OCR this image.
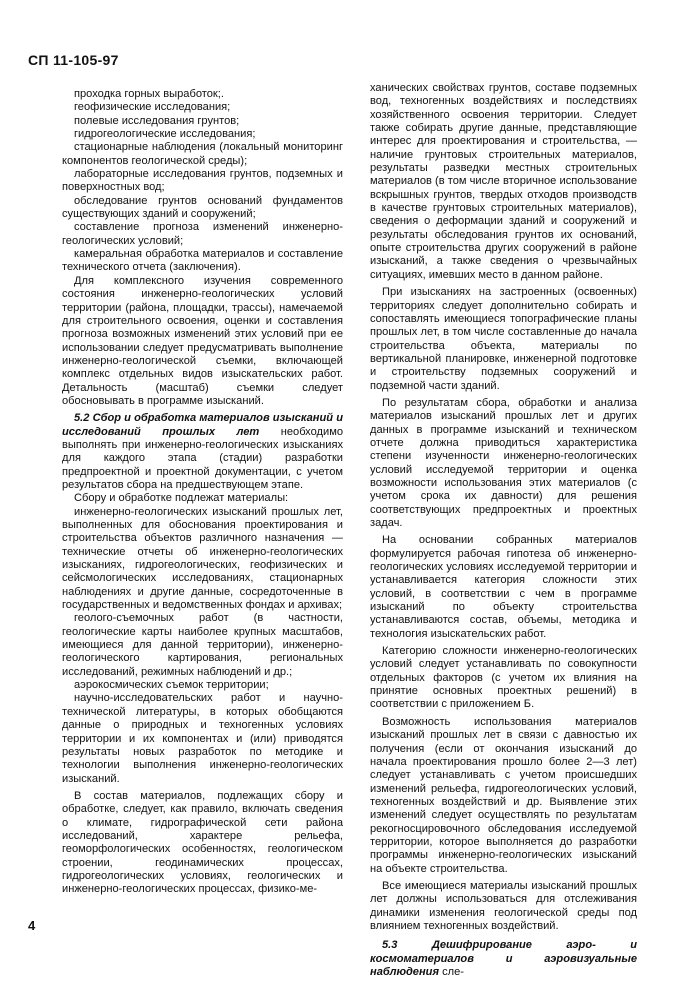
СП 11-105-97

проходка горных выработок;.

геофизические исследования;

полевые исследования грунтов;

гидрогеологические исследования;

стационарные наблюдения (локальный мониторинг компонентов геологической среды);

лабораторные исследования грунтов, подземных и поверхностных вод;

обследование грунтов оснований фундаментов существующих зданий и сооружений;

составление прогноза изменений инженерно-геологических условий;

камеральная обработка материалов и составление технического отчета (заключения).

Для комплексного изучения современного состояния инженерно-геологических условий территории (района, площадки, трассы), намечаемой для строительного освоения, оценки и составления прогноза возможных изменений этих условий при ее использовании следует предусматривать выполнение инженерно-геологической съемки, включающей комплекс отдельных видов изыскательских работ. Детальность (масштаб) съемки следует обосновывать в программе изысканий.

5.2 Сбор и обработка материалов изысканий и исследований прошлых лет необходимо выполнять при инженерно-геологических изысканиях для каждого этапа (стадии) разработки предпроектной и проектной документации, с учетом результатов сбора на предшествующем этапе.

Сбору и обработке подлежат материалы:

инженерно-геологических изысканий прошлых лет, выполненных для обоснования проектирования и строительства объектов различного назначения — технические отчеты об инженерно-геологических изысканиях, гидрогеологических, геофизических и сейсмологических исследованиях, стационарных наблюдениях и другие данные, сосредоточенные в государственных и ведомственных фондах и архивах;

геолого-съемочных работ (в частности, геологические карты наиболее крупных масштабов, имеющиеся для данной территории), инженерно-геологического картирования, региональных исследований, режимных наблюдений и др.;

аэрокосмических съемок территории;

научно-исследовательских работ и научно-технической литературы, в которых обобщаются данные о природных и техногенных условиях территории и их компонентах и (или) приводятся результаты новых разработок по методике и технологии выполнения инженерно-геологических изысканий.

В состав материалов, подлежащих сбору и обработке, следует, как правило, включать сведения о климате, гидрографической сети района исследований, характере рельефа, геоморфологических особенностях, геологическом строении, геодинамических процессах, гидрогеологических условиях, геологических и инженерно-геологических процессах, физико-ме-

ханических свойствах грунтов, составе подземных вод, техногенных воздействиях и последствиях хозяйственного освоения территории. Следует также собирать другие данные, представляющие интерес для проектирования и строительства, — наличие грунтовых строительных материалов, результаты разведки местных строительных материалов (в том числе вторичное использование вскрышных грунтов, твердых отходов производств в качестве грунтовых строительных материалов), сведения о деформации зданий и сооружений и результаты обследования грунтов их оснований, опыте строительства других сооружений в районе изысканий, а также сведения о чрезвычайных ситуациях, имевших место в данном районе.

При изысканиях на застроенных (освоенных) территориях следует дополнительно собирать и сопоставлять имеющиеся топографические планы прошлых лет, в том числе составленные до начала строительства объекта, материалы по вертикальной планировке, инженерной подготовке и строительству подземных сооружений и подземной части зданий.

По результатам сбора, обработки и анализа материалов изысканий прошлых лет и других данных в программе изысканий и техническом отчете должна приводиться характеристика степени изученности инженерно-геологических условий исследуемой территории и оценка возможности использования этих материалов (с учетом срока их давности) для решения соответствующих предпроектных и проектных задач.

На основании собранных материалов формулируется рабочая гипотеза об инженерно-геологических условиях исследуемой территории и устанавливается категория сложности этих условий, в соответствии с чем в программе изысканий по объекту строительства устанавливаются состав, объемы, методика и технология изыскательских работ.

Категорию сложности инженерно-геологических условий следует устанавливать по совокупности отдельных факторов (с учетом их влияния на принятие основных проектных решений) в соответствии с приложением Б.

Возможность использования материалов изысканий прошлых лет в связи с давностью их получения (если от окончания изысканий до начала проектирования прошло более 2—3 лет) следует устанавливать с учетом происшедших изменений рельефа, гидрогеологических условий, техногенных воздействий и др. Выявление этих изменений следует осуществлять по результатам рекогносцировочного обследования исследуемой территории, которое выполняется до разработки программы инженерно-геологических изысканий на объекте строительства.

Все имеющиеся материалы изысканий прошлых лет должны использоваться для отслеживания динамики изменения геологической среды под влиянием техногенных воздействий.

5.3 Дешифрирование аэро- и космоматериалов и аэровизуальные наблюдения сле-

4
